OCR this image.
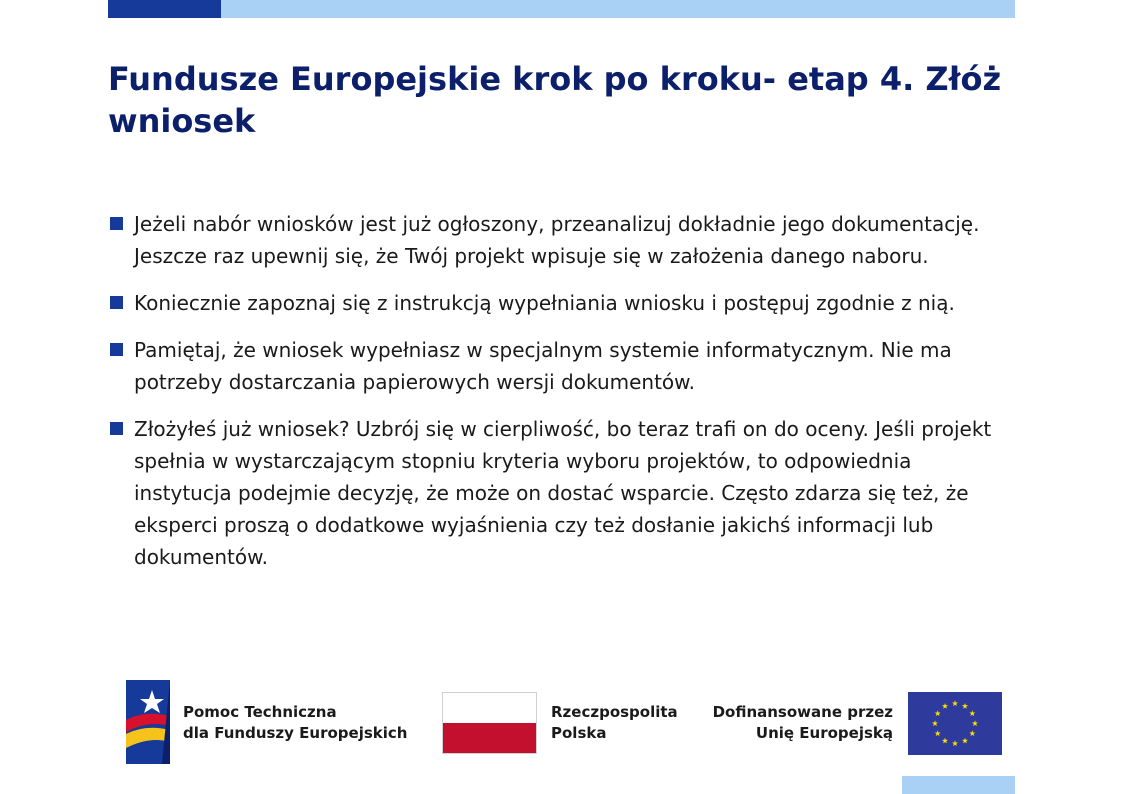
Fundusze Europejskie krok po kroku- etap 4. Złóż wniosek
Jeżeli nabór wniosków jest już ogłoszony, przeanalizuj dokładnie jego dokumentację. Jeszcze raz upewnij się, że Twój projekt wpisuje się w założenia danego naboru.
Koniecznie zapoznaj się z instrukcją wypełniania wniosku i postępuj zgodnie z nią.
Pamiętaj, że wniosek wypełniasz w specjalnym systemie informatycznym. Nie ma potrzeby dostarczania papierowych wersji dokumentów.
Złożyłeś już wniosek? Uzbrój się w cierpliwość, bo teraz trafi on do oceny. Jeśli projekt spełnia w wystarczającym stopniu kryteria wyboru projektów, to odpowiednia instytucja podejmie decyzję, że może on dostać wsparcie. Często zdarza się też, że eksperci proszą o dodatkowe wyjaśnienia czy też dosłanie jakichś informacji lub dokumentów.
Pomoc Techniczna
dla Funduszy Europejskich
Rzeczpospolita
Polska
Dofinansowane przez
Unię Europejską
